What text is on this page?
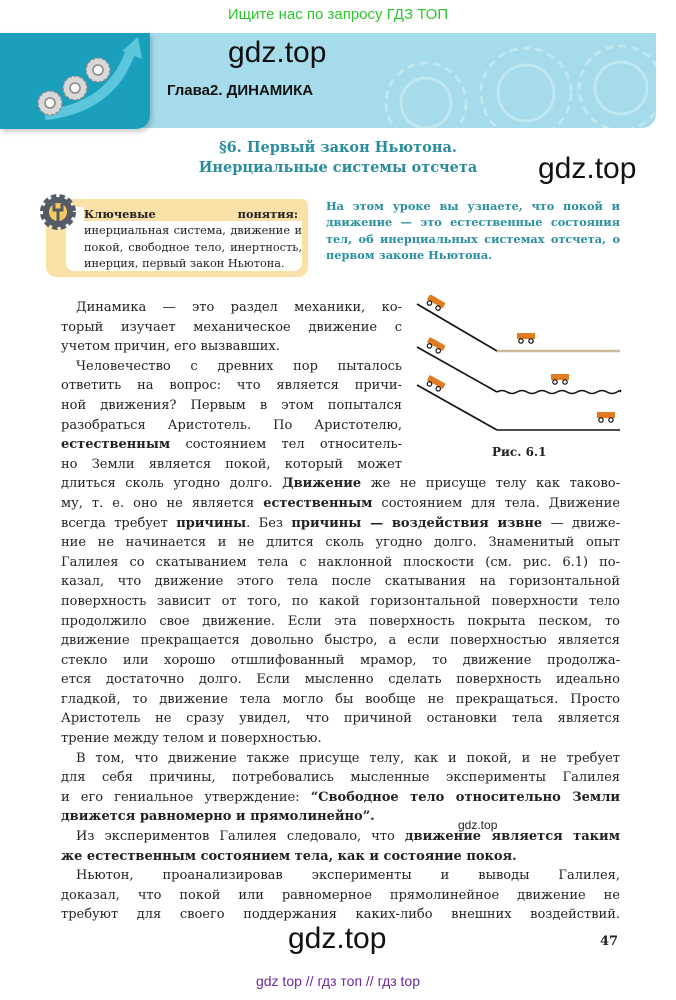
Ищите нас по запросу ГДЗ ТОП
gdz.top
Глава2. ДИНАМИКА
§6. Первый закон Ньютона.
Инерциальные системы отсчета	gdz.top
Ключевые понятия: инерциальная система, движение и покой, свободное тело, инертность, инерция, первый закон Ньютона.
На этом уроке вы узнаете, что покой и движение — это естественные состояния тел, об инерциальных системах отсчета, о первом законе Ньютона.
Рис. 6.1
Динамика — это раздел механики, ко-
торый изучает механическое движение с
учетом причин, его вызвавших.
Человечество с древних пор пыталось
ответить на вопрос: что является причи-
ной движения? Первым в этом попытался
разобраться Аристотель. По Аристотелю,
естественным состоянием тел относитель-
но Земли является покой, который может
длиться сколь угодно долго. Движение же не присуще телу как таково-
му, т. е. оно не является естественным состоянием для тела. Движение
всегда требует причины. Без причины — воздействия извне — движе-
ние не начинается и не длится сколь угодно долго. Знаменитый опыт
Галилея со скатыванием тела с наклонной плоскости (см. рис. 6.1) по-
казал, что движение этого тела после скатывания на горизонтальной
поверхность зависит от того, по какой горизонтальной поверхности тело
продолжило свое движение. Если эта поверхность покрыта песком, то
движение прекращается довольно быстро, а если поверхностью является
стекло или хорошо отшлифованный мрамор, то движение продолжа-
ется достаточно долго. Если мысленно сделать поверхность идеально
гладкой, то движение тела могло бы вообще не прекращаться. Просто
Аристотель не сразу увидел, что причиной остановки тела является
трение между телом и поверхностью.
В том, что движение также присуще телу, как и покой, и не требует
для себя причины, потребовались мысленные эксперименты Галилея
и его гениальное утверждение: “Свободное тело относительно Земли
движется равномерно и прямолинейно”.
Из экспериментов Галилея следовало, что движение является таким
же естественным состоянием тела, как и состояние покоя.
Ньютон, проанализировав эксперименты и выводы Галилея,
доказал, что покой или равномерное прямолинейное движение не
требуют для своего поддержания каких-либо внешних воздействий.
gdz.top
gdz.top	47
gdz top // гдз топ // гдз top
